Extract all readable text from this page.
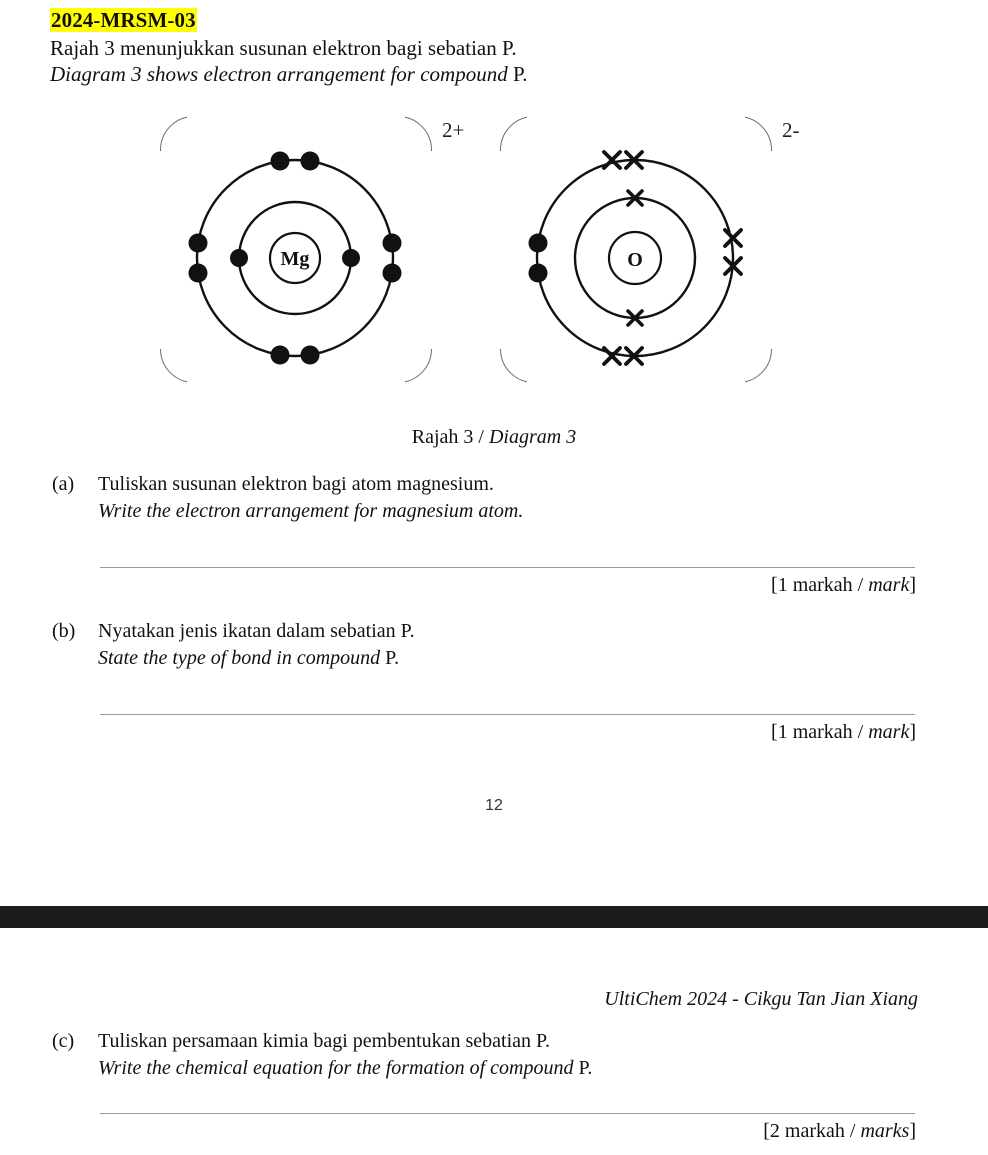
2024-MRSM-03
Rajah 3 menunjukkan susunan elektron bagi sebatian P.
Diagram 3 shows electron arrangement for compound P.
2+
Mg
2-
O
Rajah 3 / Diagram 3
(a) Tuliskan susunan elektron bagi atom magnesium.
Write the electron arrangement for magnesium atom.
[1 markah / mark]
(b) Nyatakan jenis ikatan dalam sebatian P.
State the type of bond in compound P.
[1 markah / mark]
12
UltiChem 2024 - Cikgu Tan Jian Xiang
(c) Tuliskan persamaan kimia bagi pembentukan sebatian P.
Write the chemical equation for the formation of compound P.
[2 markah / marks]
